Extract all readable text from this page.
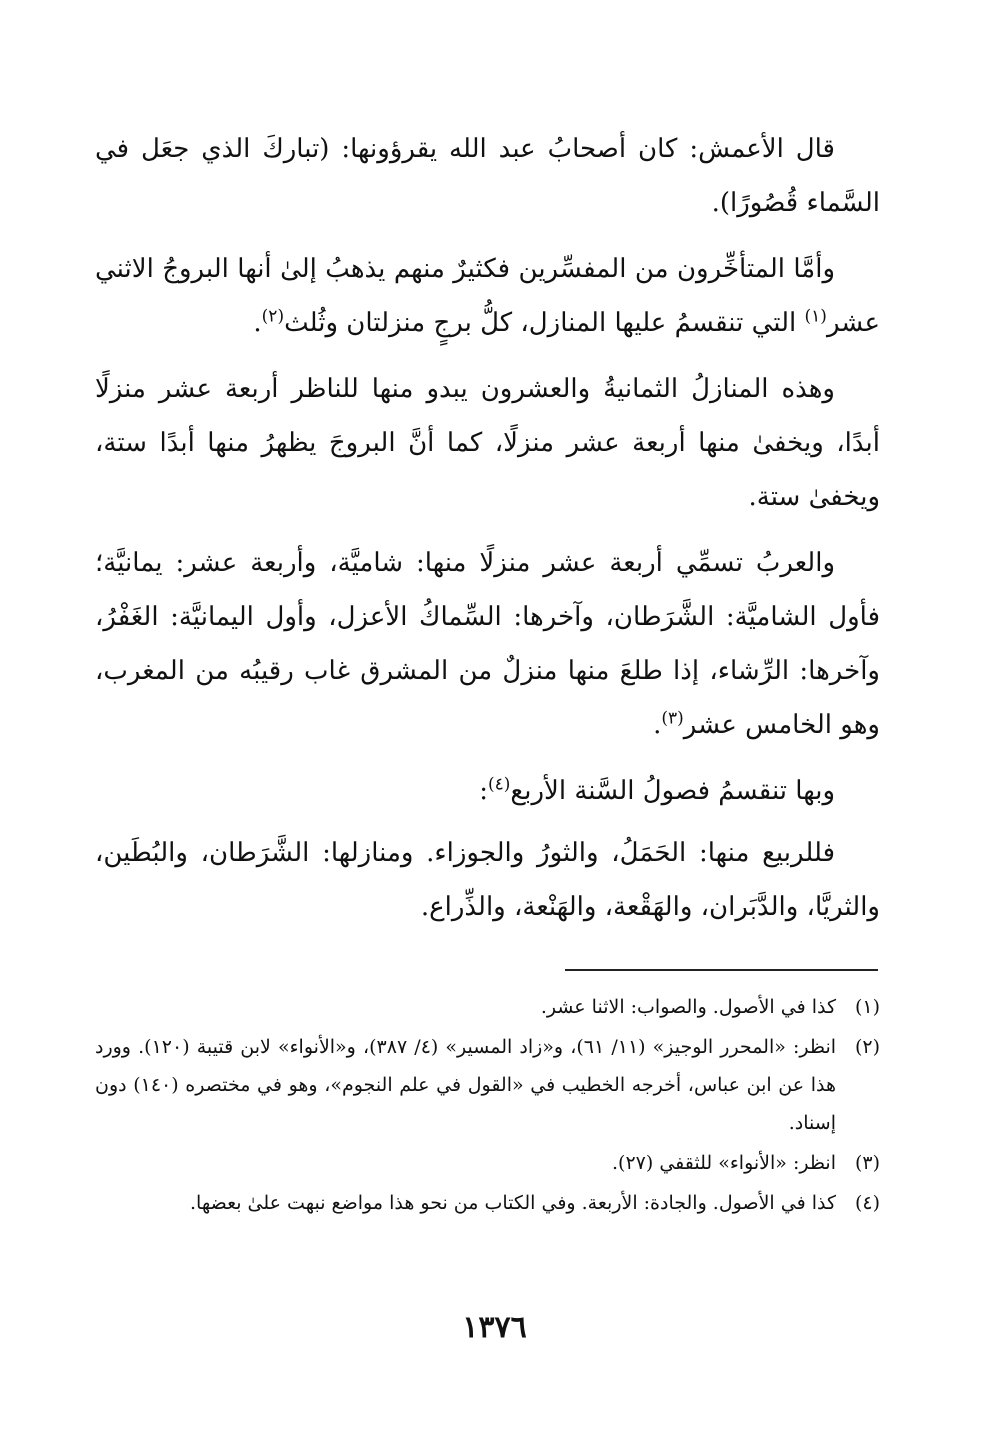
قال الأعمش: كان أصحابُ عبد الله يقرؤونها: (تباركَ الذي جعَل في السَّماء قُصُورًا).

وأمَّا المتأخِّرون من المفسِّرين فكثيرٌ منهم يذهبُ إلىٰ أنها البروجُ الاثني عشر$^{(١)}$ التي تنقسمُ عليها المنازل، كلُّ برجٍ منزلتان وثُلث$^{(٢)}$.

وهذه المنازلُ الثمانيةُ والعشرون يبدو منها للناظر أربعة عشر منزلًا أبدًا، ويخفىٰ منها أربعة عشر منزلًا، كما أنَّ البروجَ يظهرُ منها أبدًا ستة، ويخفىٰ ستة.

والعربُ تسمِّي أربعة عشر منزلًا منها: شاميَّة، وأربعة عشر: يمانيَّة؛ فأول الشاميَّة: الشَّرَطان، وآخرها: السِّماكُ الأعزل، وأول اليمانيَّة: الغَفْرُ، وآخرها: الرِّشاء، إذا طلعَ منها منزلٌ من المشرق غاب رقيبُه من المغرب، وهو الخامس عشر$^{(٣)}$.

وبها تنقسمُ فصولُ السَّنة الأربع$^{(٤)}$:

فللربيع منها: الحَمَلُ، والثورُ والجوزاء. ومنازلها: الشَّرَطان، والبُطَين، والثريَّا، والدَّبَران، والهَقْعة، والهَنْعة، والذِّراع.

(١)
كذا في الأصول. والصواب: الاثنا عشر.
(٢)
انظر: «المحرر الوجيز» (١١/ ٦١)، و«زاد المسير» (٤/ ٣٨٧)، و«الأنواء» لابن قتيبة (١٢٠). وورد هذا عن ابن عباس، أخرجه الخطيب في «القول في علم النجوم»، وهو في مختصره (١٤٠) دون إسناد.
(٣)
انظر: «الأنواء» للثقفي (٢٧).
(٤)
كذا في الأصول. والجادة: الأربعة. وفي الكتاب من نحو هذا مواضع نبهت علىٰ بعضها.
١٣٧٦
